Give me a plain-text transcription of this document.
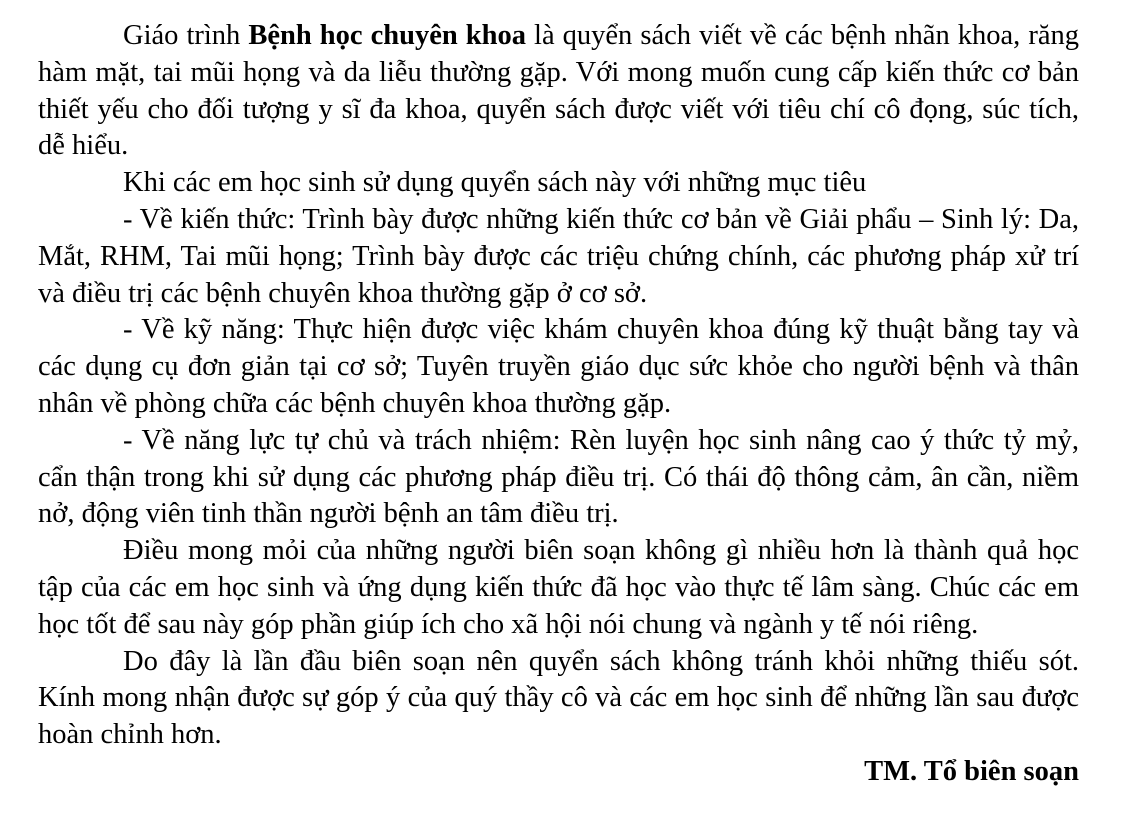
Giáo trình Bệnh học chuyên khoa là quyển sách viết về các bệnh nhãn khoa, răng hàm mặt, tai mũi họng và da liễu thường gặp. Với mong muốn cung cấp kiến thức cơ bản thiết yếu cho đối tượng y sĩ đa khoa, quyển sách được viết với tiêu chí cô đọng, súc tích, dễ hiểu.

Khi các em học sinh sử dụng quyển sách này với những mục tiêu

- Về kiến thức: Trình bày được những kiến thức cơ bản về Giải phẩu – Sinh lý: Da, Mắt, RHM, Tai mũi họng; Trình bày được các triệu chứng chính, các phương pháp xử trí và điều trị các bệnh chuyên khoa thường gặp ở cơ sở.

- Về kỹ năng: Thực hiện được việc khám chuyên khoa đúng kỹ thuật bằng tay và các dụng cụ đơn giản tại cơ sở; Tuyên truyền giáo dục sức khỏe cho người bệnh và thân nhân về phòng chữa các bệnh chuyên khoa thường gặp.

- Về năng lực tự chủ và trách nhiệm: Rèn luyện học sinh nâng cao ý thức tỷ mỷ, cẩn thận trong khi sử dụng các phương pháp điều trị. Có thái độ thông cảm, ân cần, niềm nở, động viên tinh thần người bệnh an tâm điều trị.

Điều mong mỏi của những người biên soạn không gì nhiều hơn là thành quả học tập của các em học sinh và ứng dụng kiến thức đã học vào thực tế lâm sàng. Chúc các em học tốt để sau này góp phần giúp ích cho xã hội nói chung và ngành y tế nói riêng.

Do đây là lần đầu biên soạn nên quyển sách không tránh khỏi những thiếu sót. Kính mong nhận được sự góp ý của quý thầy cô và các em học sinh để những lần sau được hoàn chỉnh hơn.

TM. Tổ biên soạn
